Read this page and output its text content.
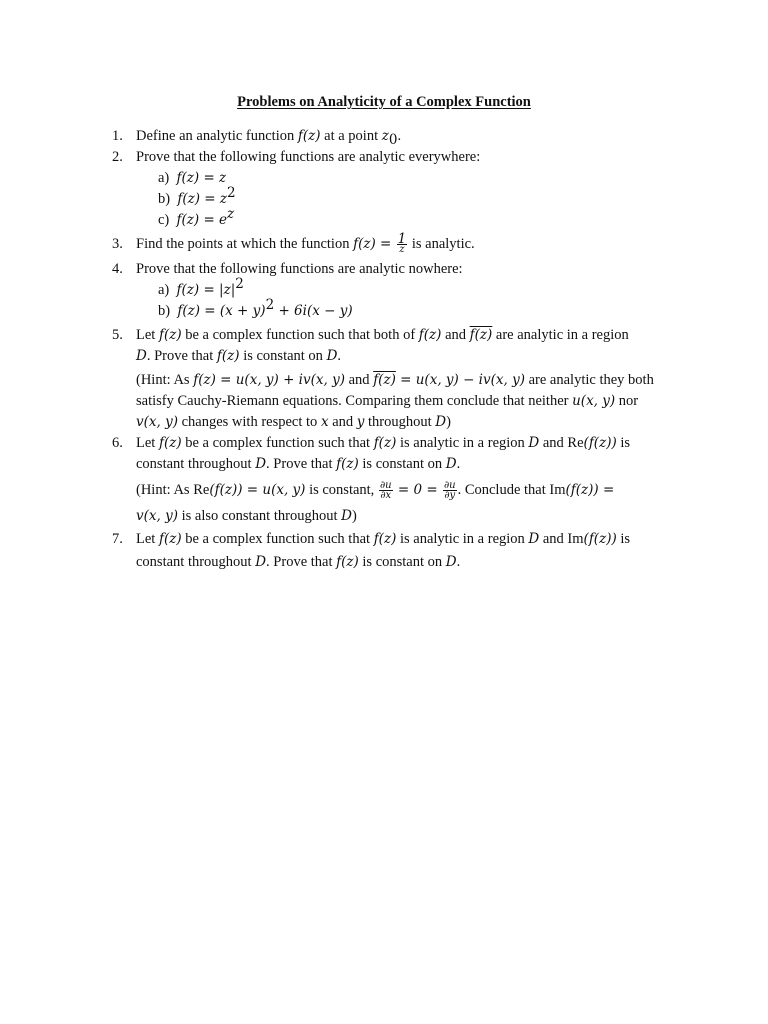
Problems on Analyticity of a Complex Function
1. Define an analytic function f(z) at a point $z_0$.
2. Prove that the following functions are analytic everywhere:
a) f(z) = z
b) $f(z) = z^2$
c) $f(z) = e^z$
3. Find the points at which the function $f(z) = \frac{1}{z}$ is analytic.
4. Prove that the following functions are analytic nowhere:
a) $f(z) = |z|^2$
b) $f(z) = (x + y)^2 + 6i(x - y)$
5. Let f(z) be a complex function such that both of f(z) and f(z) are analytic in a region
D. Prove that f(z) is constant on D.
(Hint: As f(z) = u(x, y) + iv(x, y) and f(z) = u(x, y) − iv(x, y) are analytic they both
satisfy Cauchy-Riemann equations. Comparing them conclude that neither u(x, y) nor
v(x, y) changes with respect to x and y throughout D)
6. Let f(z) be a complex function such that f(z) is analytic in a region D and Re(f(z)) is
constant throughout D. Prove that f(z) is constant on D.
(Hint: As Re(f(z)) = u(x, y) is constant, $\frac{\partial u}{\partial x} = 0 = \frac{\partial u}{\partial y}$ . Conclude that Im(f(z)) =
v(x, y) is also constant throughout D)
7. Let f(z) be a complex function such that f(z) is analytic in a region D and Im(f(z)) is
constant throughout D. Prove that f(z) is constant on D.
